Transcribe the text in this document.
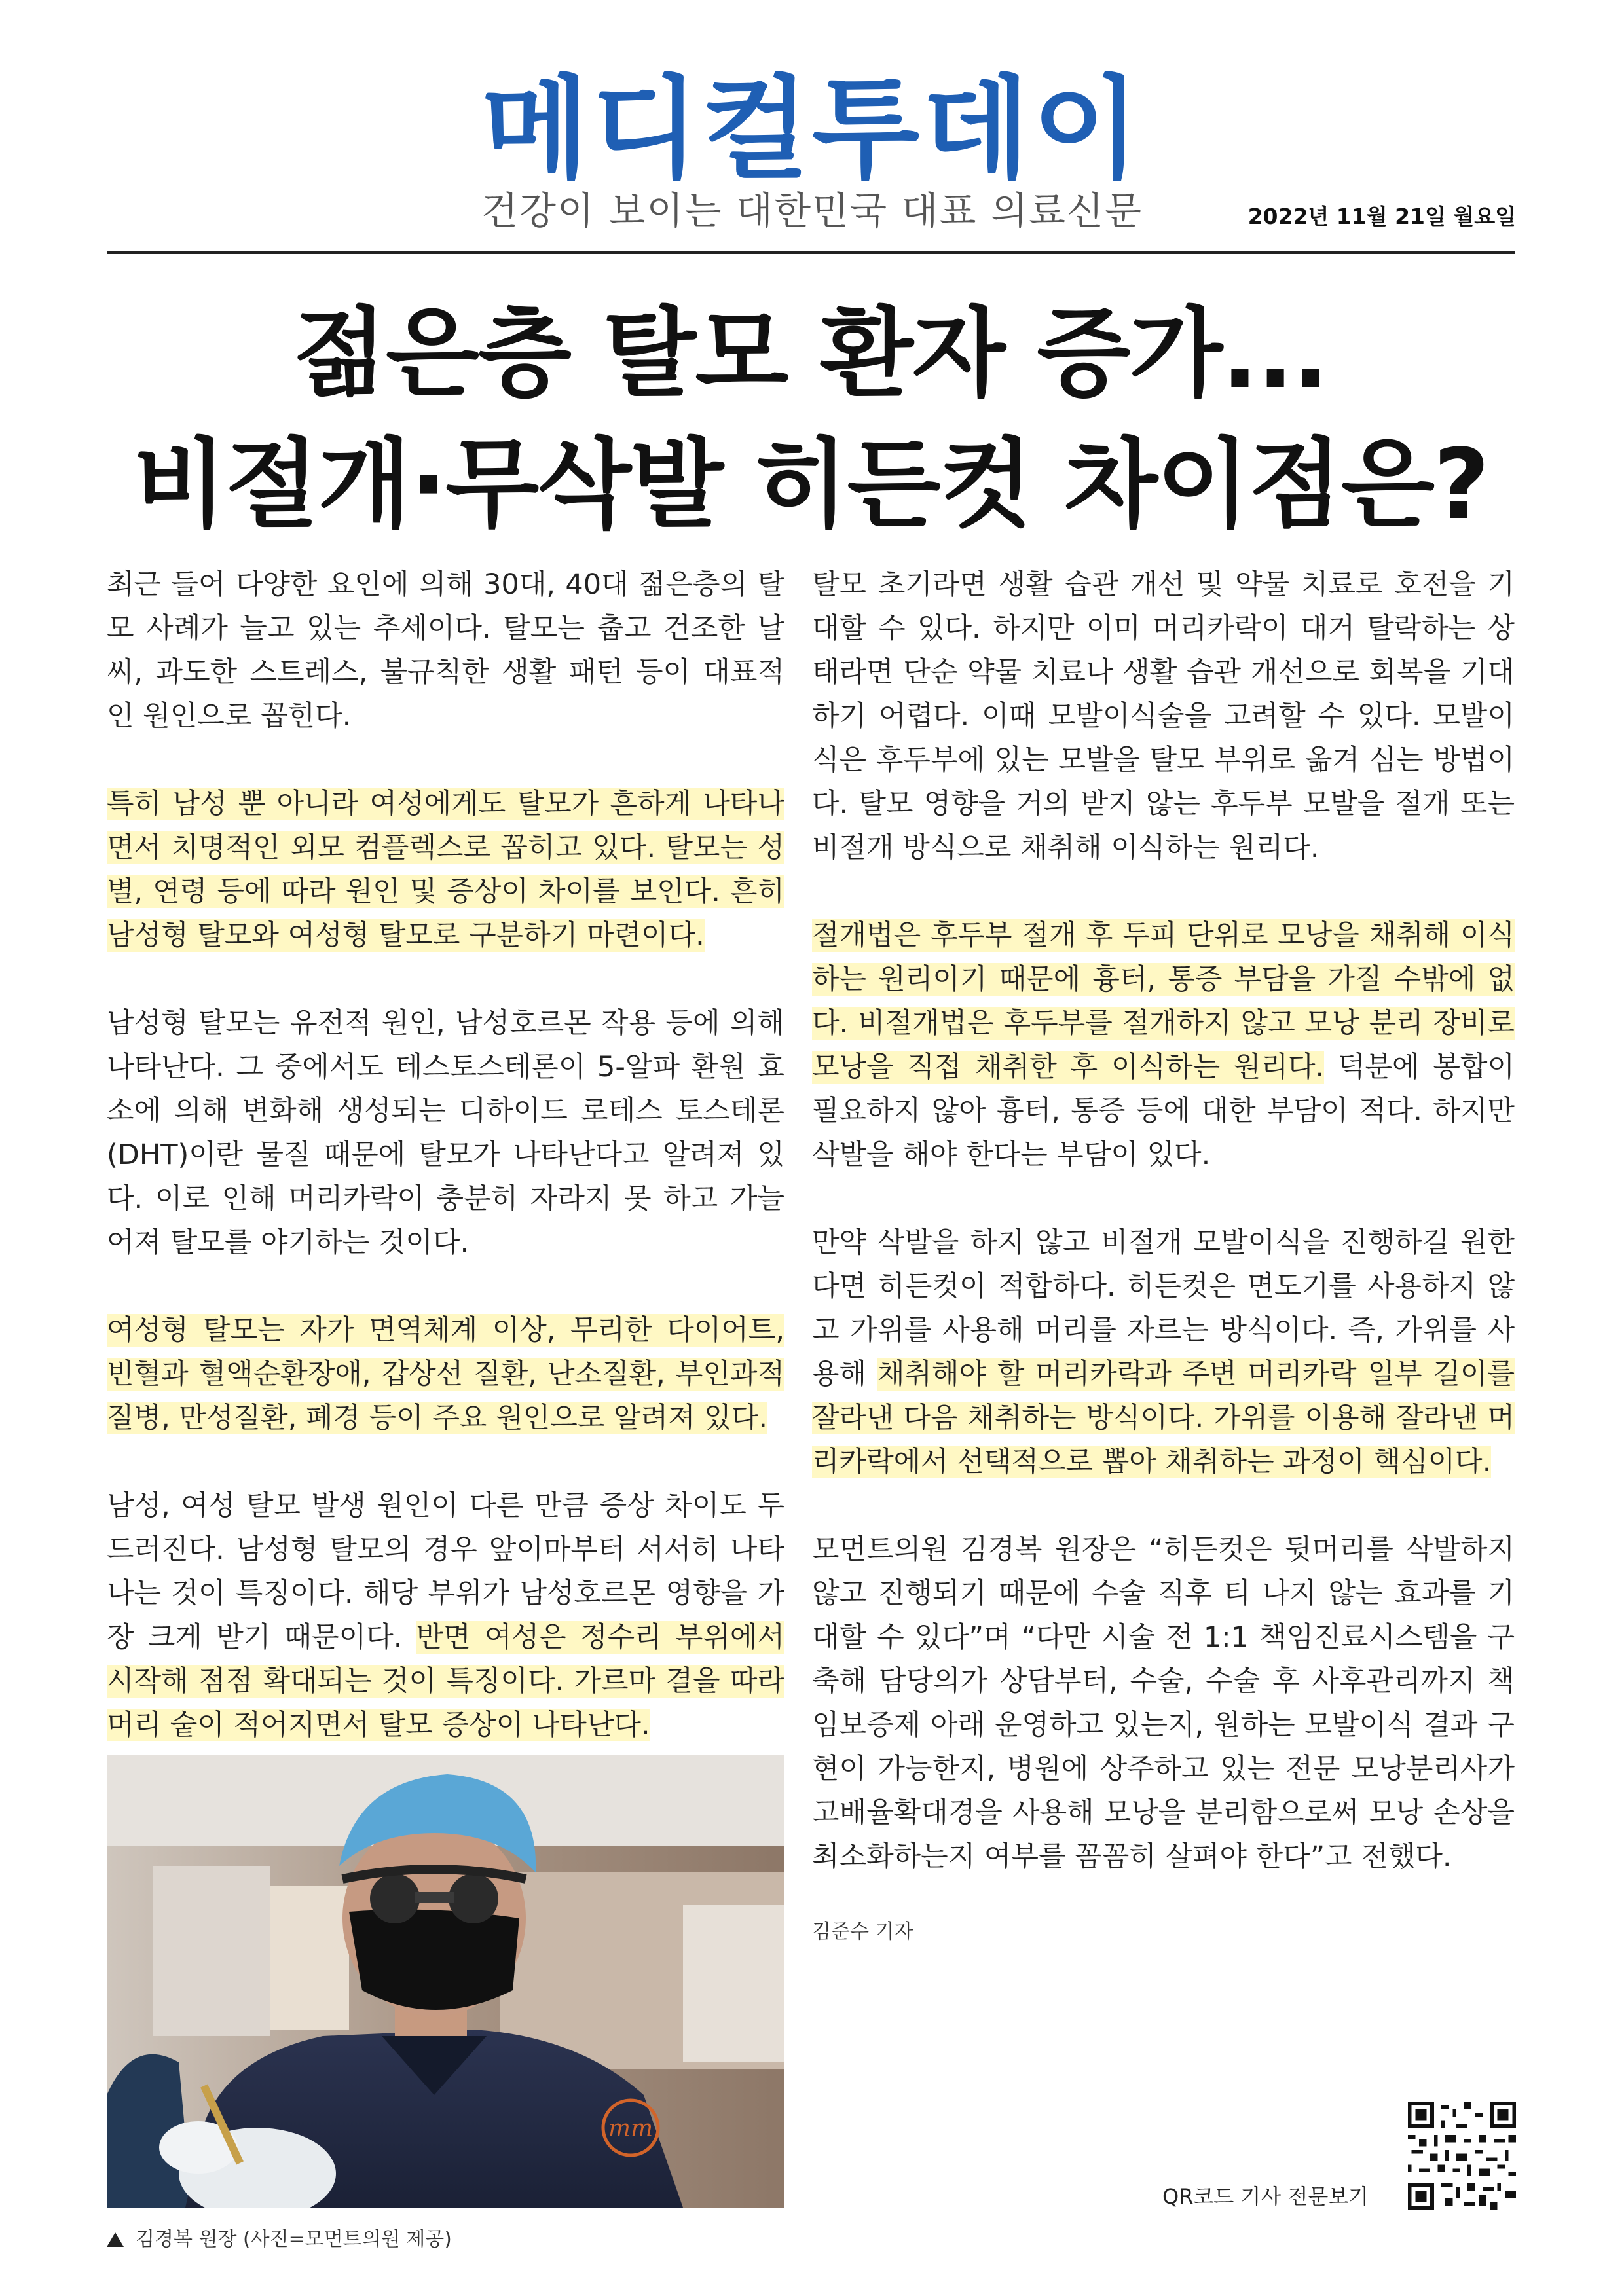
메디컬투데이
건강이 보이는 대한민국 대표 의료신문	2022년 11월 21일 월요일
젊은층 탈모 환자 증가...
비절개·무삭발 히든컷 차이점은?

최근 들어 다양한 요인에 의해 30대, 40대 젊은층의 탈모 사례가 늘고 있는 추세이다. 탈모는 춥고 건조한 날씨, 과도한 스트레스, 불규칙한 생활 패턴 등이 대표적인 원인으로 꼽힌다.

특히 남성 뿐 아니라 여성에게도 탈모가 흔하게 나타나면서 치명적인 외모 컴플렉스로 꼽히고 있다. 탈모는 성별, 연령 등에 따라 원인 및 증상이 차이를 보인다. 흔히 남성형 탈모와 여성형 탈모로 구분하기 마련이다.

남성형 탈모는 유전적 원인, 남성호르몬 작용 등에 의해 나타난다. 그 중에서도 테스토스테론이 5-알파 환원 효소에 의해 변화해 생성되는 디하이드 로테스 토스테론(DHT)이란 물질 때문에 탈모가 나타난다고 알려져 있다. 이로 인해 머리카락이 충분히 자라지 못 하고 가늘어져 탈모를 야기하는 것이다.

여성형 탈모는 자가 면역체계 이상, 무리한 다이어트, 빈혈과 혈액순환장애, 갑상선 질환, 난소질환, 부인과적 질병, 만성질환, 폐경 등이 주요 원인으로 알려져 있다.

남성, 여성 탈모 발생 원인이 다른 만큼 증상 차이도 두드러진다. 남성형 탈모의 경우 앞이마부터 서서히 나타나는 것이 특징이다. 해당 부위가 남성호르몬 영향을 가장 크게 받기 때문이다. 반면 여성은 정수리 부위에서 시작해 점점 확대되는 것이 특징이다. 가르마 결을 따라 머리 숱이 적어지면서 탈모 증상이 나타난다.

탈모 초기라면 생활 습관 개선 및 약물 치료로 호전을 기대할 수 있다. 하지만 이미 머리카락이 대거 탈락하는 상태라면 단순 약물 치료나 생활 습관 개선으로 회복을 기대하기 어렵다. 이때 모발이식술을 고려할 수 있다. 모발이식은 후두부에 있는 모발을 탈모 부위로 옮겨 심는 방법이다. 탈모 영향을 거의 받지 않는 후두부 모발을 절개 또는 비절개 방식으로 채취해 이식하는 원리다.

절개법은 후두부 절개 후 두피 단위로 모낭을 채취해 이식하는 원리이기 때문에 흉터, 통증 부담을 가질 수밖에 없다. 비절개법은 후두부를 절개하지 않고 모낭 분리 장비로 모낭을 직접 채취한 후 이식하는 원리다. 덕분에 봉합이 필요하지 않아 흉터, 통증 등에 대한 부담이 적다. 하지만 삭발을 해야 한다는 부담이 있다.

만약 삭발을 하지 않고 비절개 모발이식을 진행하길 원한다면 히든컷이 적합하다. 히든컷은 면도기를 사용하지 않고 가위를 사용해 머리를 자르는 방식이다. 즉, 가위를 사용해 채취해야 할 머리카락과 주변 머리카락 일부 길이를 잘라낸 다음 채취하는 방식이다. 가위를 이용해 잘라낸 머리카락에서 선택적으로 뽑아 채취하는 과정이 핵심이다.

모먼트의원 김경복 원장은 “히든컷은 뒷머리를 삭발하지 않고 진행되기 때문에 수술 직후 티 나지 않는 효과를 기대할 수 있다”며 “다만 시술 전 1:1 책임진료시스템을 구축해 담당의가 상담부터, 수술, 수술 후 사후관리까지 책임보증제 아래 운영하고 있는지, 원하는 모발이식 결과 구현이 가능한지, 병원에 상주하고 있는 전문 모낭분리사가 고배율확대경을 사용해 모낭을 분리함으로써 모낭 손상을 최소화하는지 여부를 꼼꼼히 살펴야 한다”고 전했다.

김준수 기자
mm
김경복 원장 (사진=모먼트의원 제공)
QR코드 기사 전문보기
